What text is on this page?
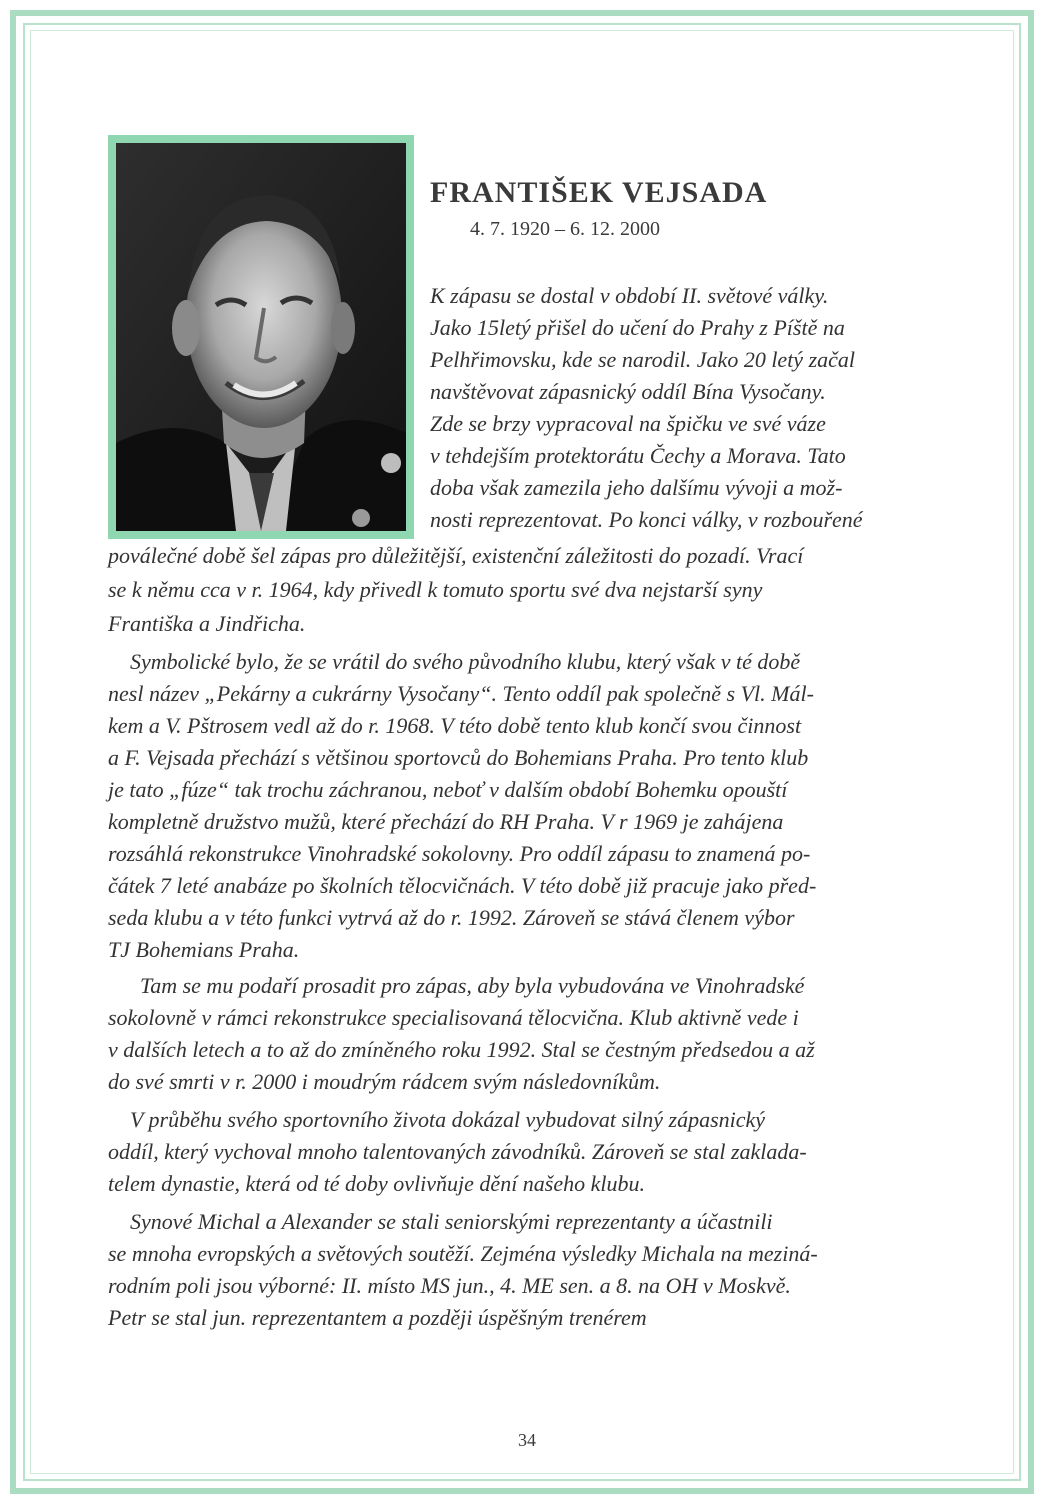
FRANTIŠEK VEJSADA
4. 7. 1920 – 6. 12. 2000
K zápasu se dostal v období II. světové války.
Jako 15letý přišel do učení do Prahy z Píště na
Pelhřimovsku, kde se narodil. Jako 20 letý začal
navštěvovat zápasnický oddíl Bína Vysočany.
Zde se brzy vypracoval na špičku ve své váze
v tehdejším protektorátu Čechy a Morava. Tato
doba však zamezila jeho dalšímu vývoji a mož-
nosti reprezentovat. Po konci války, v rozbouřené
poválečné době šel zápas pro důležitější, existenční záležitosti do pozadí. Vrací
se k němu cca v r. 1964, kdy přivedl k tomuto sportu své dva nejstarší syny
Františka a Jindřicha.
Symbolické bylo, že se vrátil do svého původního klubu, který však v té době
nesl název „Pekárny a cukrárny Vysočany“. Tento oddíl pak společně s Vl. Mál-
kem a V. Pštrosem vedl až do r. 1968. V této době tento klub končí svou činnost
a F. Vejsada přechází s většinou sportovců do Bohemians Praha. Pro tento klub
je tato „fúze“ tak trochu záchranou, neboť v dalším období Bohemku opouští
kompletně družstvo mužů, které přechází do RH Praha. V r 1969 je zahájena
rozsáhlá rekonstrukce Vinohradské sokolovny. Pro oddíl zápasu to znamená po-
čátek 7 leté anabáze po školních tělocvičnách. V této době již pracuje jako před-
seda klubu a v této funkci vytrvá až do r. 1992. Zároveň se stává členem výbor
TJ Bohemians Praha.
Tam se mu podaří prosadit pro zápas, aby byla vybudována ve Vinohradské
sokolovně v rámci rekonstrukce specialisovaná tělocvična. Klub aktivně vede i
v dalších letech a to až do zmíněného roku 1992. Stal se čestným předsedou a až
do své smrti v r. 2000 i moudrým rádcem svým následovníkům.
V průběhu svého sportovního života dokázal vybudovat silný zápasnický
oddíl, který vychoval mnoho talentovaných závodníků. Zároveň se stal zaklada-
telem dynastie, která od té doby ovlivňuje dění našeho klubu.
Synové Michal a Alexander se stali seniorskými reprezentanty a účastnili
se mnoha evropských a světových soutěží. Zejména výsledky Michala na meziná-
rodním poli jsou výborné: II. místo MS jun., 4. ME sen. a 8. na OH v Moskvě.
Petr se stal jun. reprezentantem a později úspěšným trenérem
34
